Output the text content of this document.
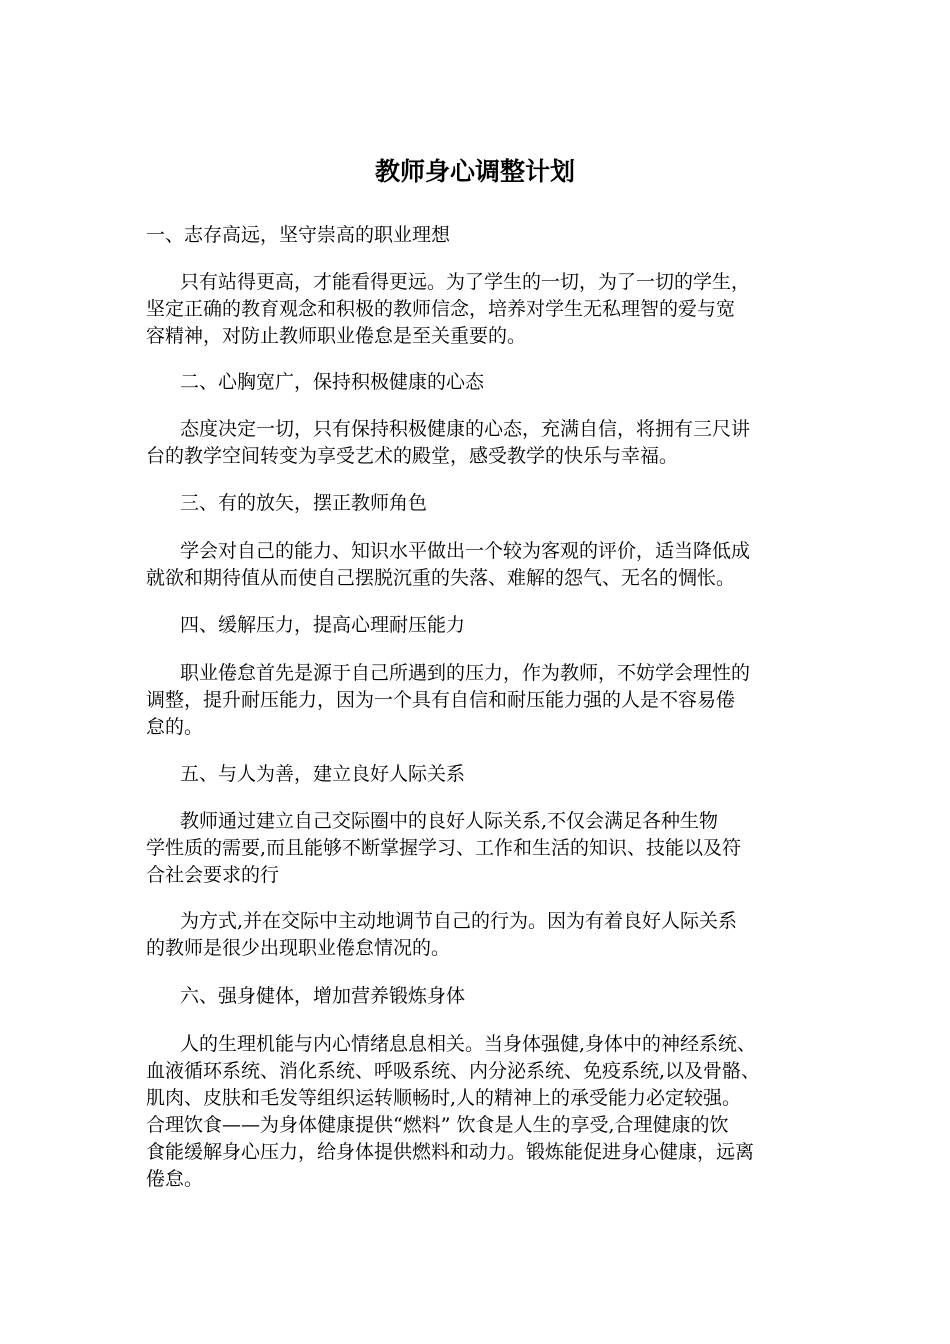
教师身心调整计划
一、志存高远，坚守崇高的职业理想
只有站得更高，才能看得更远。为了学生的一切，为了一切的学生，
坚定正确的教育观念和积极的教师信念，培养对学生无私理智的爱与宽
容精神，对防止教师职业倦怠是至关重要的。
二、心胸宽广，保持积极健康的心态
态度决定一切，只有保持积极健康的心态，充满自信，将拥有三尺讲
台的教学空间转变为享受艺术的殿堂，感受教学的快乐与幸福。
三、有的放矢，摆正教师角色
学会对自己的能力、知识水平做出一个较为客观的评价，适当降低成
就欲和期待值从而使自己摆脱沉重的失落、难解的怨气、无名的惆怅。
四、缓解压力，提高心理耐压能力
职业倦怠首先是源于自己所遇到的压力，作为教师，不妨学会理性的
调整，提升耐压能力，因为一个具有自信和耐压能力强的人是不容易倦
怠的。
五、与人为善，建立良好人际关系
教师通过建立自己交际圈中的良好人际关系,不仅会满足各种生物
学性质的需要,而且能够不断掌握学习、工作和生活的知识、技能以及符
合社会要求的行
为方式,并在交际中主动地调节自己的行为。因为有着良好人际关系
的教师是很少出现职业倦怠情况的。
六、强身健体，增加营养锻炼身体
人的生理机能与内心情绪息息相关。当身体强健,身体中的神经系统、
血液循环系统、消化系统、呼吸系统、内分泌系统、免疫系统,以及骨骼、
肌肉、皮肤和毛发等组织运转顺畅时,人的精神上的承受能力必定较强。
合理饮食——为身体健康提供“燃料” 饮食是人生的享受,合理健康的饮
食能缓解身心压力，给身体提供燃料和动力。锻炼能促进身心健康，远离
倦怠。
